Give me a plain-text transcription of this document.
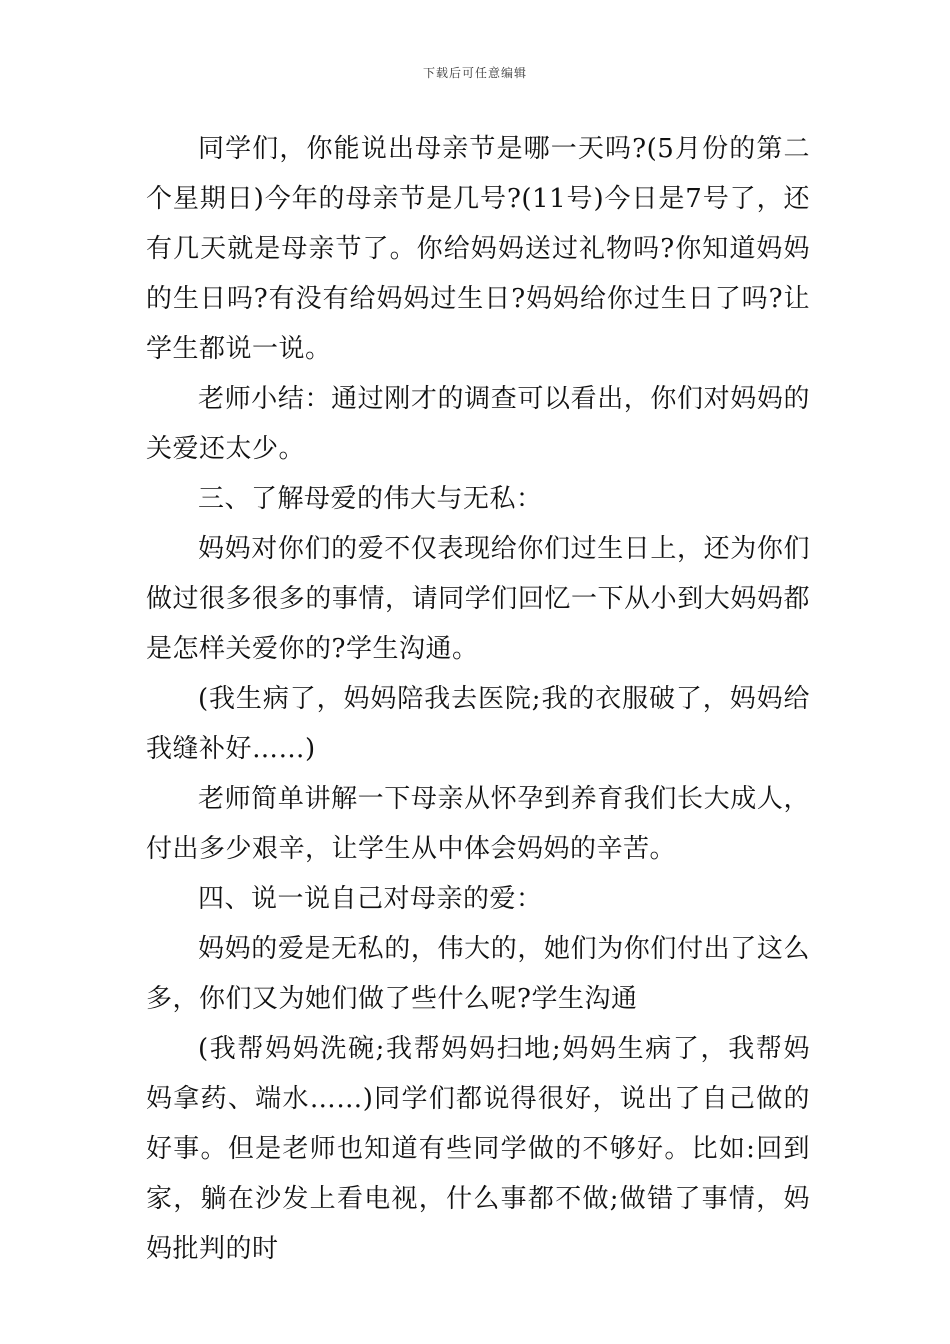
下载后可任意编辑

同学们，你能说出母亲节是哪一天吗?(5月份的第二个星期日)今年的母亲节是几号?(11号)今日是7号了，还有几天就是母亲节了。你给妈妈送过礼物吗?你知道妈妈的生日吗?有没有给妈妈过生日?妈妈给你过生日了吗?让学生都说一说。

老师小结：通过刚才的调查可以看出，你们对妈妈的关爱还太少。

三、了解母爱的伟大与无私：

妈妈对你们的爱不仅表现给你们过生日上，还为你们做过很多很多的事情，请同学们回忆一下从小到大妈妈都是怎样关爱你的?学生沟通。

(我生病了，妈妈陪我去医院;我的衣服破了，妈妈给我缝补好……)

老师简单讲解一下母亲从怀孕到养育我们长大成人，付出多少艰辛，让学生从中体会妈妈的辛苦。

四、说一说自己对母亲的爱：

妈妈的爱是无私的，伟大的，她们为你们付出了这么多，你们又为她们做了些什么呢?学生沟通

(我帮妈妈洗碗;我帮妈妈扫地;妈妈生病了，我帮妈妈拿药、端水……)同学们都说得很好，说出了自己做的好事。但是老师也知道有些同学做的不够好。比如:回到家，躺在沙发上看电视，什么事都不做;做错了事情，妈妈批判的时
